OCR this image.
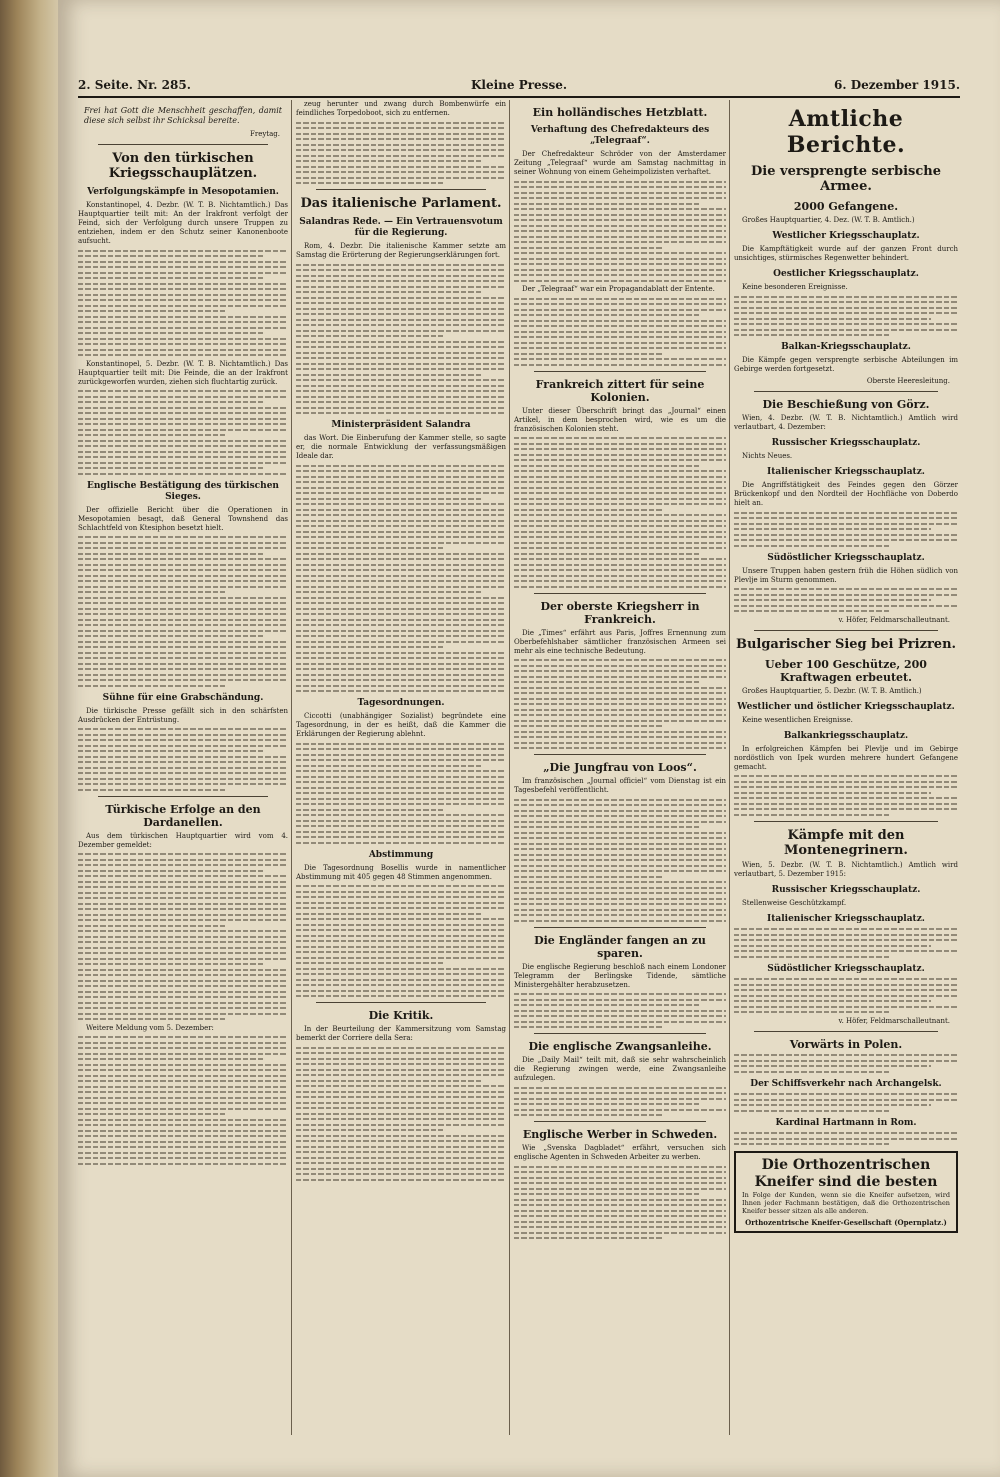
2. Seite. Nr. 285.	Kleine Presse.	6. Dezember 1915.

Frei hat Gott die Menschheit geschaffen, damit diese sich selbst ihr Schicksal bereite.

Freytag.
Von den türkischen Kriegsschauplätzen.
Verfolgungskämpfe in Mesopotamien.

Konstantinopel, 4. Dezbr. (W. T. B. Nichtamtlich.) Das Hauptquartier teilt mit: An der Irakfront verfolgt der Feind, sich der Verfolgung durch unsere Truppen zu entziehen, indem er den Schutz seiner Kanonenboote aufsucht.

Konstantinopel, 5. Dezbr. (W. T. B. Nichtamtlich.) Das Hauptquartier teilt mit: Die Feinde, die an der Irakfront zurückgeworfen wurden, ziehen sich fluchtartig zurück.

Englische Bestätigung des türkischen Sieges.

Der offizielle Bericht über die Operationen in Mesopotamien besagt, daß General Townshend das Schlachtfeld von Ktesiphon besetzt hielt.

Sühne für eine Grabschändung.

Die türkische Presse gefällt sich in den schärfsten Ausdrücken der Entrüstung.

Türkische Erfolge an den Dardanellen.

Aus dem türkischen Hauptquartier wird vom 4. Dezember gemeldet:

Weitere Meldung vom 5. Dezember:

zeug herunter und zwang durch Bombenwürfe ein feindliches Torpedoboot, sich zu entfernen.

Das italienische Parlament.
Salandras Rede. — Ein Vertrauensvotum für die Regierung.

Rom, 4. Dezbr. Die italienische Kammer setzte am Samstag die Erörterung der Regierungserklärungen fort.

Ministerpräsident Salandra

das Wort. Die Einberufung der Kammer stelle, so sagte er, die normale Entwicklung der verfassungsmäßigen Ideale dar.

Tagesordnungen.

Ciccotti (unabhängiger Sozialist) begründete eine Tagesordnung, in der es heißt, daß die Kammer die Erklärungen der Regierung ablehnt.

Abstimmung

Die Tagesordnung Bosellis wurde in namentlicher Abstimmung mit 405 gegen 48 Stimmen angenommen.

Die Kritik.

In der Beurteilung der Kammersitzung vom Samstag bemerkt der Corriere della Sera:

Ein holländisches Hetzblatt.
Verhaftung des Chefredakteurs des „Telegraaf“.

Der Chefredakteur Schröder von der Amsterdamer Zeitung „Telegraaf“ wurde am Samstag nachmittag in seiner Wohnung von einem Geheimpolizisten verhaftet.

Der „Telegraaf“ war ein Propagandablatt der Entente.

Frankreich zittert für seine Kolonien.

Unter dieser Überschrift bringt das „Journal“ einen Artikel, in dem besprochen wird, wie es um die französischen Kolonien steht.

Der oberste Kriegsherr in Frankreich.

Die „Times“ erfährt aus Paris, Joffres Ernennung zum Oberbefehlshaber sämtlicher französischen Armeen sei mehr als eine technische Bedeutung.

„Die Jungfrau von Loos“.

Im französischen „Journal officiel“ vom Dienstag ist ein Tagesbefehl veröffentlicht.

Die Engländer fangen an zu sparen.

Die englische Regierung beschloß nach einem Londoner Telegramm der Berlingske Tidende, sämtliche Ministergehälter herabzusetzen.

Die englische Zwangsanleihe.

Die „Daily Mail“ teilt mit, daß sie sehr wahrscheinlich die Regierung zwingen werde, eine Zwangsanleihe aufzulegen.

Englische Werber in Schweden.

Wie „Svenska Dagbladet“ erfährt, versuchen sich englische Agenten in Schweden Arbeiter zu werben.

Amtliche Berichte.
Die versprengte serbische Armee.
2000 Gefangene.

Großes Hauptquartier, 4. Dez. (W. T. B. Amtlich.)

Westlicher Kriegsschauplatz.

Die Kampftätigkeit wurde auf der ganzen Front durch unsichtiges, stürmisches Regenwetter behindert.

Oestlicher Kriegsschauplatz.

Keine besonderen Ereignisse.

Balkan-Kriegsschauplatz.

Die Kämpfe gegen versprengte serbische Abteilungen im Gebirge werden fortgesetzt.

Oberste Heeresleitung.
Die Beschießung von Görz.

Wien, 4. Dezbr. (W. T. B. Nichtamtlich.) Amtlich wird verlautbart, 4. Dezember:

Russischer Kriegsschauplatz.

Nichts Neues.

Italienischer Kriegsschauplatz.

Die Angriffstätigkeit des Feindes gegen den Görzer Brückenkopf und den Nordteil der Hochfläche von Doberdo hielt an.

Südöstlicher Kriegsschauplatz.

Unsere Truppen haben gestern früh die Höhen südlich von Plevlje im Sturm genommen.

v. Höfer, Feldmarschalleutnant.
Bulgarischer Sieg bei Prizren.
Ueber 100 Geschütze, 200 Kraftwagen erbeutet.

Großes Hauptquartier, 5. Dezbr. (W. T. B. Amtlich.)

Westlicher und östlicher Kriegsschauplatz.

Keine wesentlichen Ereignisse.

Balkankriegsschauplatz.

In erfolgreichen Kämpfen bei Plevlje und im Gebirge nordöstlich von Ipek wurden mehrere hundert Gefangene gemacht.

Kämpfe mit den Montenegrinern.

Wien, 5. Dezbr. (W. T. B. Nichtamtlich.) Amtlich wird verlautbart, 5. Dezember 1915:

Russischer Kriegsschauplatz.

Stellenweise Geschützkampf.

Italienischer Kriegsschauplatz.
Südöstlicher Kriegsschauplatz.
v. Höfer, Feldmarschalleutnant.
Vorwärts in Polen.
Der Schiffsverkehr nach Archangelsk.
Kardinal Hartmann in Rom.
Die Orthozentrischen Kneifer sind die besten
In Folge der Kunden, wenn sie die Kneifer aufsetzen, wird Ihnen jeder Fachmann bestätigen, daß die Orthozentrischen Kneifer besser sitzen als alle anderen.
Orthozentrische Kneifer-Gesellschaft (Opernplatz.)
